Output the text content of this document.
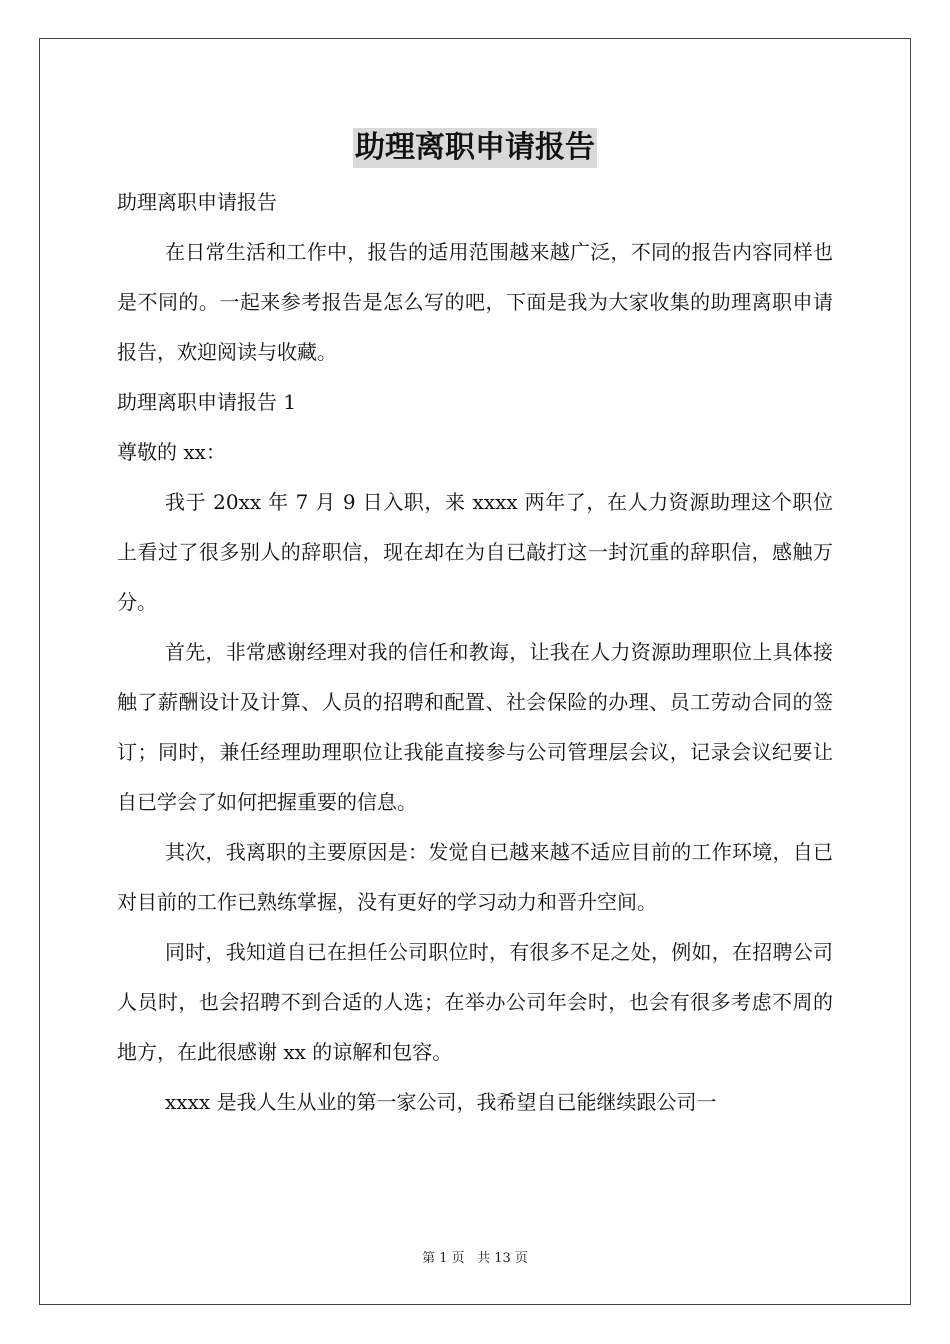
助理离职申请报告

助理离职申请报告

在日常生活和工作中，报告的适用范围越来越广泛，不同的报告内容同样也是不同的。一起来参考报告是怎么写的吧，下面是我为大家收集的助理离职申请报告，欢迎阅读与收藏。

助理离职申请报告 1

尊敬的 xx：

我于 20xx 年 7 月 9 日入职，来 xxxx 两年了，在人力资源助理这个职位上看过了很多别人的辞职信，现在却在为自已敲打这一封沉重的辞职信，感触万分。

首先，非常感谢经理对我的信任和教诲，让我在人力资源助理职位上具体接触了薪酬设计及计算、人员的招聘和配置、社会保险的办理、员工劳动合同的签订；同时，兼任经理助理职位让我能直接参与公司管理层会议，记录会议纪要让自已学会了如何把握重要的信息。

其次，我离职的主要原因是：发觉自已越来越不适应目前的工作环境，自已对目前的工作已熟练掌握，没有更好的学习动力和晋升空间。

同时，我知道自已在担任公司职位时，有很多不足之处，例如，在招聘公司人员时，也会招聘不到合适的人选；在举办公司年会时，也会有很多考虑不周的地方，在此很感谢 xx 的谅解和包容。

xxxx 是我人生从业的第一家公司，我希望自已能继续跟公司一

第 1 页 共 13 页
